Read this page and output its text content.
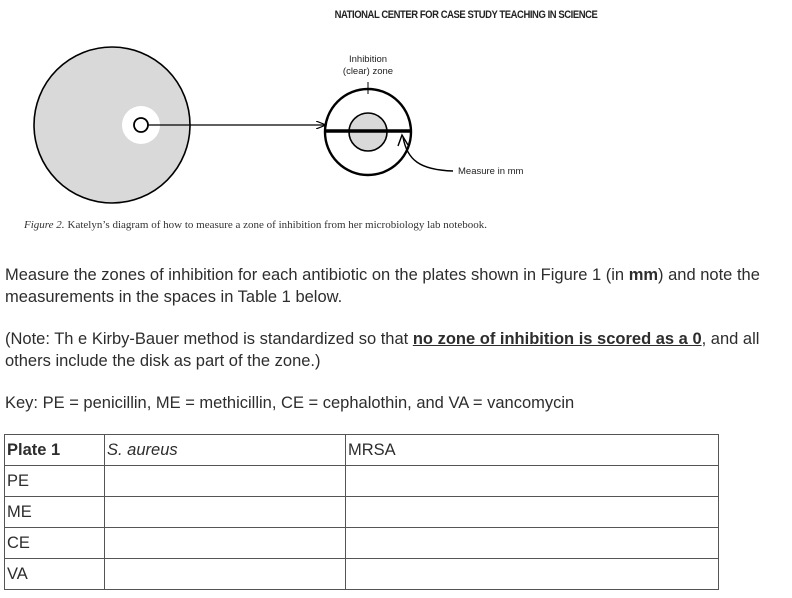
NATIONAL CENTER FOR CASE STUDY TEACHING IN SCIENCE
Inhibition
(clear) zone
Measure in mm
Figure 2. Katelyn’s diagram of how to measure a zone of inhibition from her microbiology lab notebook.
Measure the zones of inhibition for each antibiotic on the plates shown in Figure 1 (in mm) and note the measurements in the spaces in Table 1 below.
(Note: Th e Kirby-Bauer method is standardized so that no zone of inhibition is scored as a 0, and all others include the disk as part of the zone.)
Key: PE = penicillin, ME = methicillin, CE = cephalothin, and VA = vancomycin
Plate 1	S. aureus	MRSA
PE		
ME		
CE		
VA		
